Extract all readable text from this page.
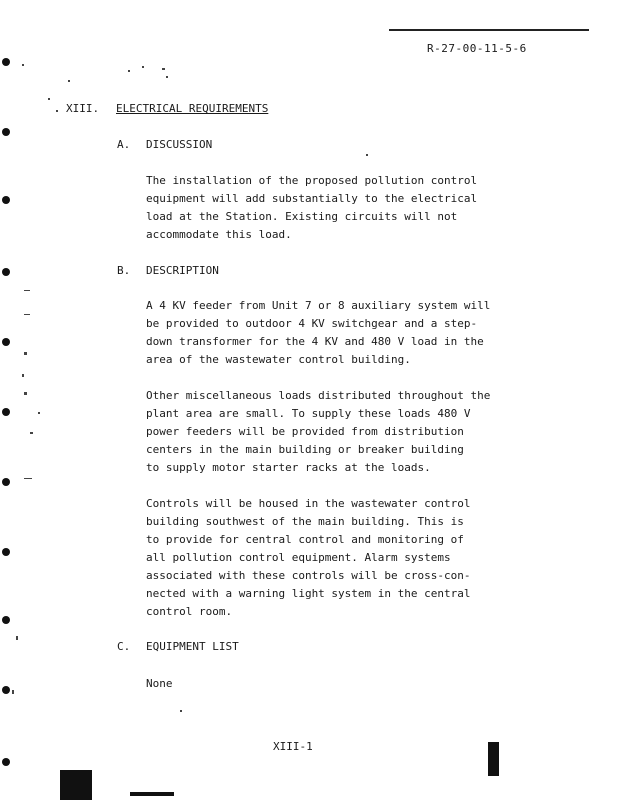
R-27-00-11-5-6
XIII. ELECTRICAL REQUIREMENTS
A. DISCUSSION
The installation of the proposed pollution control
equipment will add substantially to the electrical
load at the Station. Existing circuits will not
accommodate this load.
B. DESCRIPTION
A 4 KV feeder from Unit 7 or 8 auxiliary system will
be provided to outdoor 4 KV switchgear and a step-
down transformer for the 4 KV and 480 V load in the
area of the wastewater control building.
Other miscellaneous loads distributed throughout the
plant area are small. To supply these loads 480 V
power feeders will be provided from distribution
centers in the main building or breaker building
to supply motor starter racks at the loads.
Controls will be housed in the wastewater control
building southwest of the main building. This is
to provide for central control and monitoring of
all pollution control equipment. Alarm systems
associated with these controls will be cross-con-
nected with a warning light system in the central
control room.
C. EQUIPMENT LIST
None
XIII-1
